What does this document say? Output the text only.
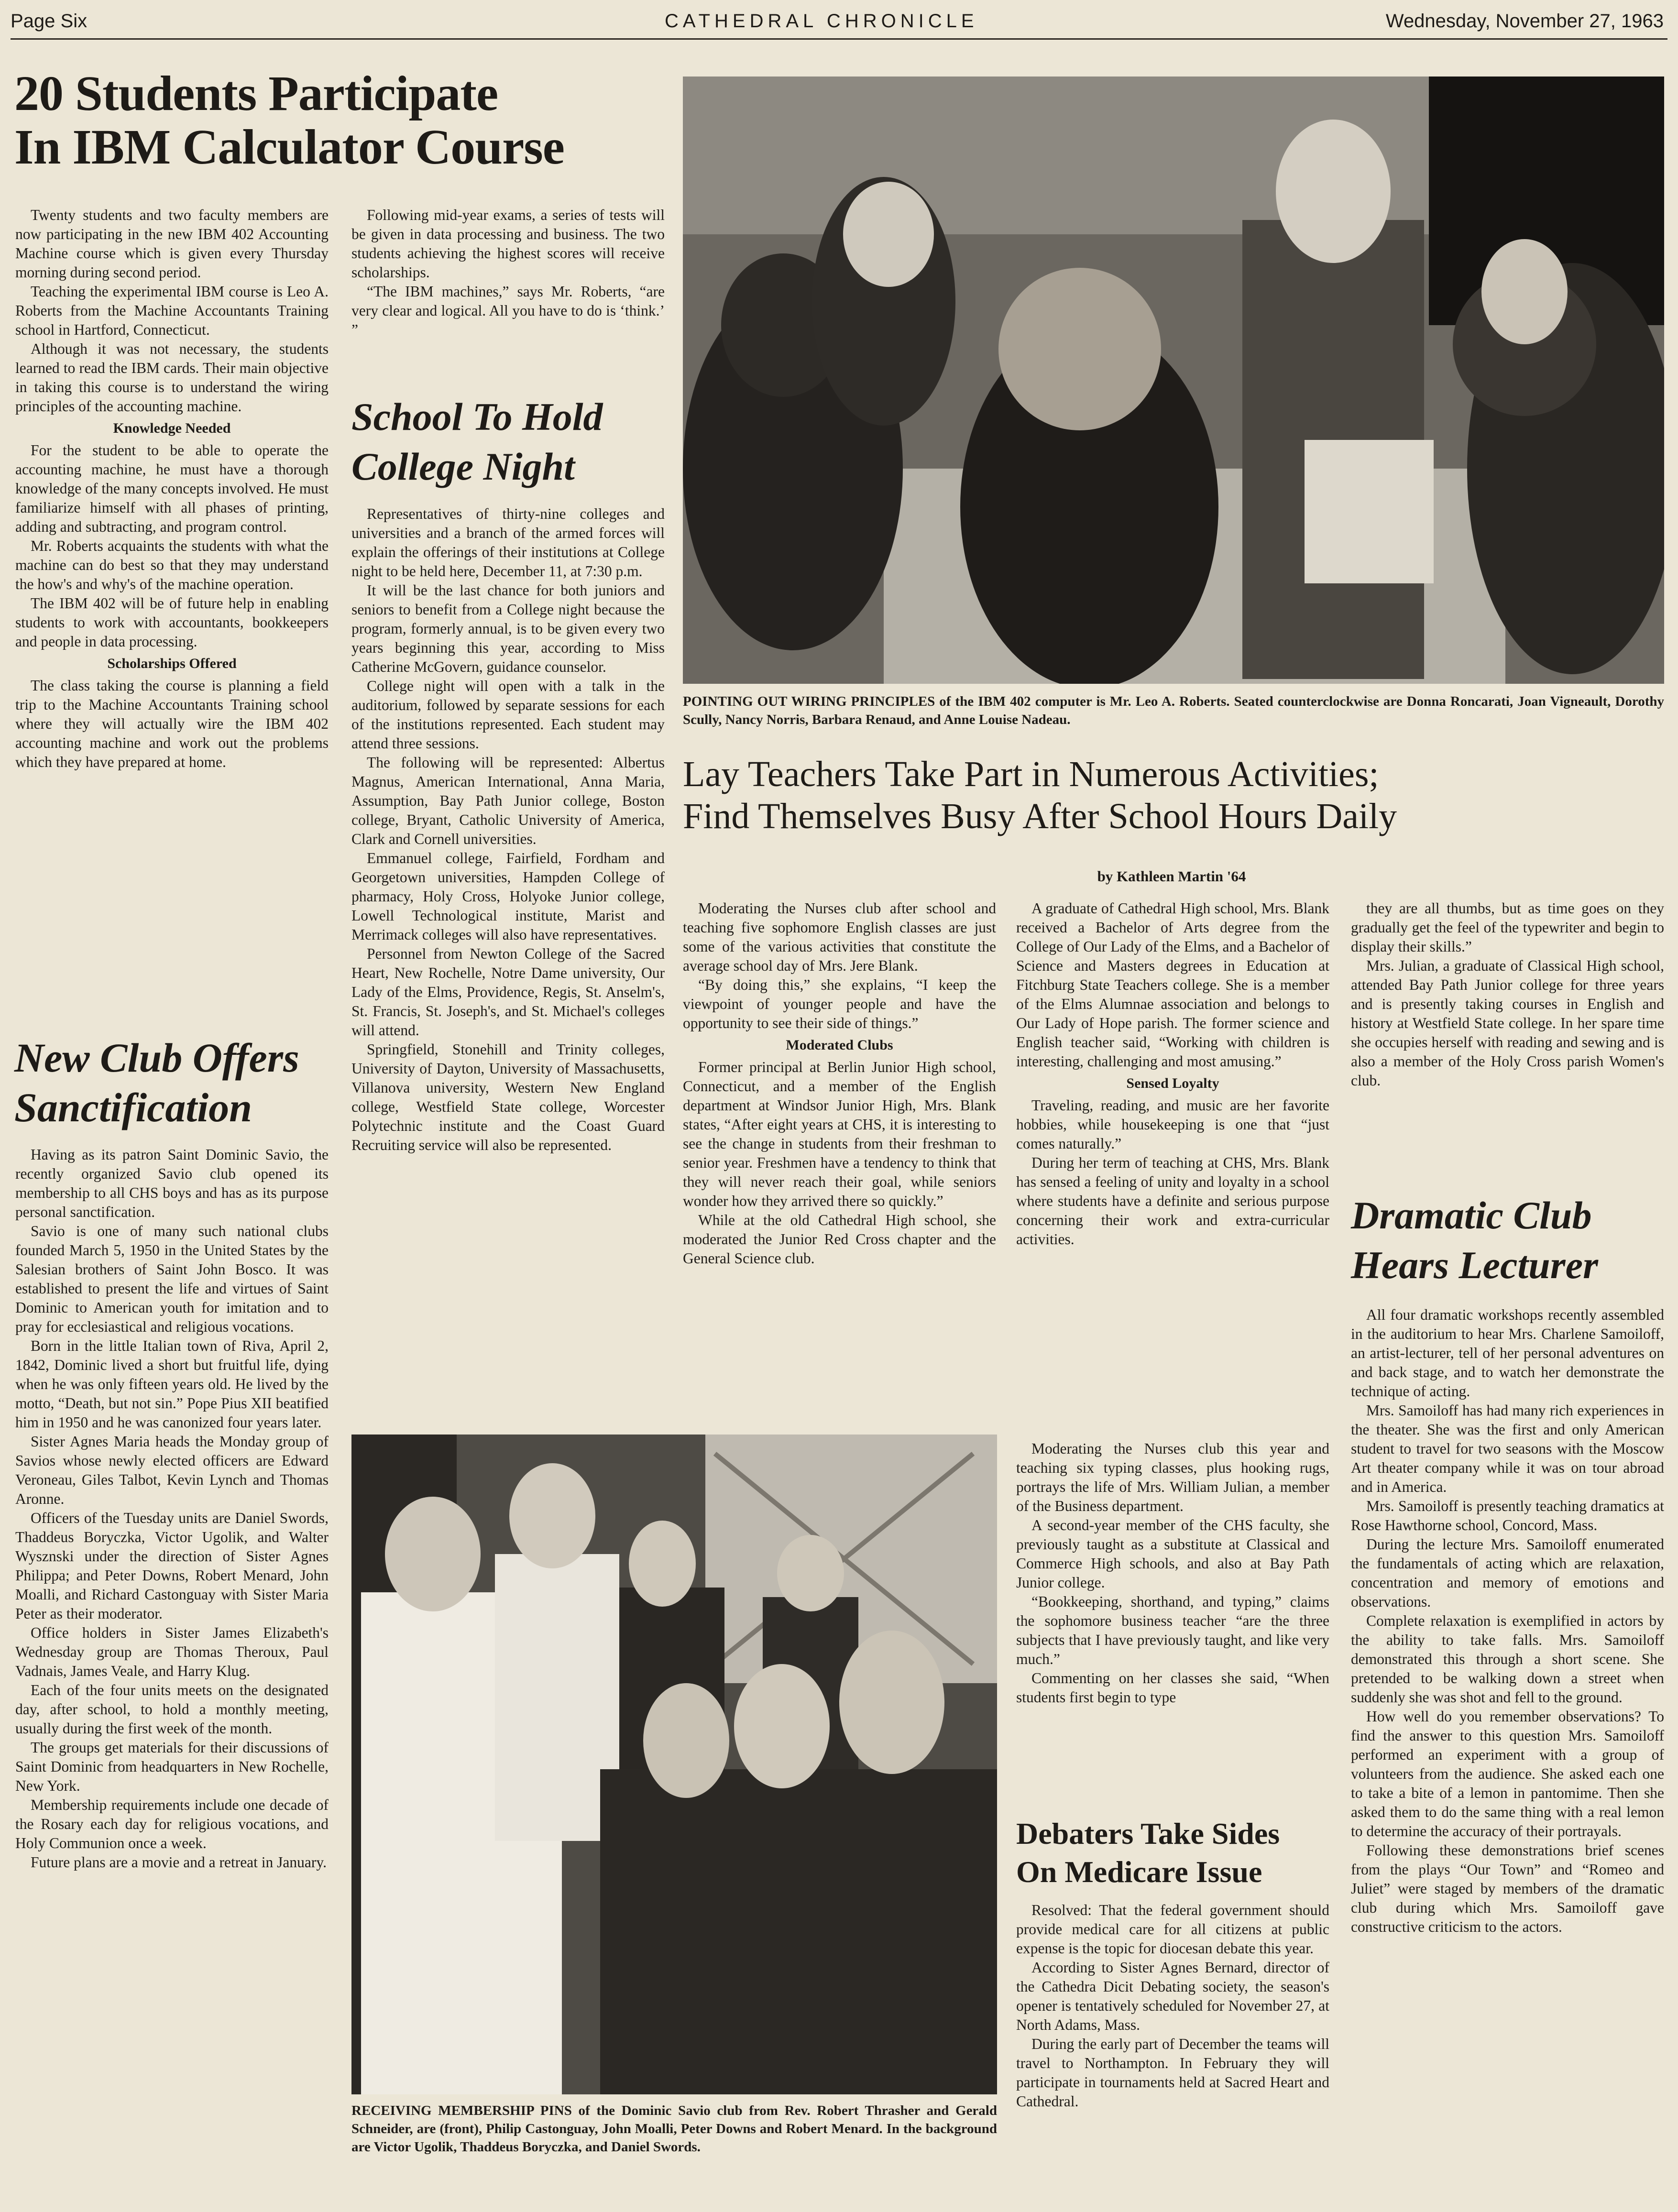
Page Six	CATHEDRAL CHRONICLE	Wednesday, November 27, 1963
20 Students Participate
In IBM Calculator Course

Twenty students and two faculty members are now participating in the new IBM 402 Accounting Machine course which is given every Thursday morning during second period.

Teaching the experimental IBM course is Leo A. Roberts from the Machine Accountants Training school in Hartford, Connecticut.

Although it was not necessary, the students learned to read the IBM cards. Their main objective in taking this course is to understand the wiring principles of the accounting machine.

Knowledge Needed

For the student to be able to operate the accounting machine, he must have a thorough knowledge of the many concepts involved. He must familiarize himself with all phases of printing, adding and subtracting, and program control.

Mr. Roberts acquaints the students with what the machine can do best so that they may understand the how's and why's of the machine operation.

The IBM 402 will be of future help in enabling students to work with accountants, bookkeepers and people in data processing.

Scholarships Offered

The class taking the course is planning a field trip to the Machine Accountants Training school where they will actually wire the IBM 402 accounting machine and work out the problems which they have prepared at home.

New Club Offers
Sanctification

Having as its patron Saint Dominic Savio, the recently organized Savio club opened its membership to all CHS boys and has as its purpose personal sanctification.

Savio is one of many such national clubs founded March 5, 1950 in the United States by the Salesian brothers of Saint John Bosco. It was established to present the life and virtues of Saint Dominic to American youth for imitation and to pray for ecclesiastical and religious vocations.

Born in the little Italian town of Riva, April 2, 1842, Dominic lived a short but fruitful life, dying when he was only fifteen years old. He lived by the motto, “Death, but not sin.” Pope Pius XII beatified him in 1950 and he was canonized four years later.

Sister Agnes Maria heads the Monday group of Savios whose newly elected officers are Edward Veroneau, Giles Talbot, Kevin Lynch and Thomas Aronne.

Officers of the Tuesday units are Daniel Swords, Thaddeus Boryczka, Victor Ugolik, and Walter Wysznski under the direction of Sister Agnes Philippa; and Peter Downs, Robert Menard, John Moalli, and Richard Castonguay with Sister Maria Peter as their moderator.

Office holders in Sister James Elizabeth's Wednesday group are Thomas Theroux, Paul Vadnais, James Veale, and Harry Klug.

Each of the four units meets on the designated day, after school, to hold a monthly meeting, usually during the first week of the month.

The groups get materials for their discussions of Saint Dominic from headquarters in New Rochelle, New York.

Membership requirements include one decade of the Rosary each day for religious vocations, and Holy Communion once a week.

Future plans are a movie and a retreat in January.

Following mid-year exams, a series of tests will be given in data processing and business. The two students achieving the highest scores will receive scholarships.

“The IBM machines,” says Mr. Roberts, “are very clear and logical. All you have to do is ‘think.’ ”

School To Hold
College Night

Representatives of thirty-nine colleges and universities and a branch of the armed forces will explain the offerings of their institutions at College night to be held here, December 11, at 7:30 p.m.

It will be the last chance for both juniors and seniors to benefit from a College night because the program, formerly annual, is to be given every two years beginning this year, according to Miss Catherine McGovern, guidance counselor.

College night will open with a talk in the auditorium, followed by separate sessions for each of the institutions represented. Each student may attend three sessions.

The following will be represented: Albertus Magnus, American International, Anna Maria, Assumption, Bay Path Junior college, Boston college, Bryant, Catholic University of America, Clark and Cornell universities.

Emmanuel college, Fairfield, Fordham and Georgetown universities, Hampden College of pharmacy, Holy Cross, Holyoke Junior college, Lowell Technological institute, Marist and Merrimack colleges will also have representatives.

Personnel from Newton College of the Sacred Heart, New Rochelle, Notre Dame university, Our Lady of the Elms, Providence, Regis, St. Anselm's, St. Francis, St. Joseph's, and St. Michael's colleges will attend.

Springfield, Stonehill and Trinity colleges, University of Dayton, University of Massachusetts, Villanova university, Western New England college, Westfield State college, Worcester Polytechnic institute and the Coast Guard Recruiting service will also be represented.

POINTING OUT WIRING PRINCIPLES of the IBM 402 computer is Mr. Leo A. Roberts. Seated counterclockwise are Donna Roncarati, Joan Vigneault, Dorothy Scully, Nancy Norris, Barbara Renaud, and Anne Louise Nadeau.
Lay Teachers Take Part in Numerous Activities;
Find Themselves Busy After School Hours Daily
by Kathleen Martin '64

Moderating the Nurses club after school and teaching five sophomore English classes are just some of the various activities that constitute the average school day of Mrs. Jere Blank.

“By doing this,” she explains, “I keep the viewpoint of younger people and have the opportunity to see their side of things.”

Moderated Clubs

Former principal at Berlin Junior High school, Connecticut, and a member of the English department at Windsor Junior High, Mrs. Blank states, “After eight years at CHS, it is interesting to see the change in students from their freshman to senior year. Freshmen have a tendency to think that they will never reach their goal, while seniors wonder how they arrived there so quickly.”

While at the old Cathedral High school, she moderated the Junior Red Cross chapter and the General Science club.

A graduate of Cathedral High school, Mrs. Blank received a Bachelor of Arts degree from the College of Our Lady of the Elms, and a Bachelor of Science and Masters degrees in Education at Fitchburg State Teachers college. She is a member of the Elms Alumnae association and belongs to Our Lady of Hope parish. The former science and English teacher said, “Working with children is interesting, challenging and most amusing.”

Sensed Loyalty

Traveling, reading, and music are her favorite hobbies, while housekeeping is one that “just comes naturally.”

During her term of teaching at CHS, Mrs. Blank has sensed a feeling of unity and loyalty in a school where students have a definite and serious purpose concerning their work and extra-curricular activities.

Moderating the Nurses club this year and teaching six typing classes, plus hooking rugs, portrays the life of Mrs. William Julian, a member of the Business department.

A second-year member of the CHS faculty, she previously taught as a substitute at Classical and Commerce High schools, and also at Bay Path Junior college.

“Bookkeeping, shorthand, and typing,” claims the sophomore business teacher “are the three subjects that I have previously taught, and like very much.”

Commenting on her classes she said, “When students first begin to type

they are all thumbs, but as time goes on they gradually get the feel of the typewriter and begin to display their skills.”

Mrs. Julian, a graduate of Classical High school, attended Bay Path Junior college for three years and is presently taking courses in English and history at Westfield State college. In her spare time she occupies herself with reading and sewing and is also a member of the Holy Cross parish Women's club.

Dramatic Club
Hears Lecturer

All four dramatic workshops recently assembled in the auditorium to hear Mrs. Charlene Samoiloff, an artist-lecturer, tell of her personal adventures on and back stage, and to watch her demonstrate the technique of acting.

Mrs. Samoiloff has had many rich experiences in the theater. She was the first and only American student to travel for two seasons with the Moscow Art theater company while it was on tour abroad and in America.

Mrs. Samoiloff is presently teaching dramatics at Rose Hawthorne school, Concord, Mass.

During the lecture Mrs. Samoiloff enumerated the fundamentals of acting which are relaxation, concentration and memory of emotions and observations.

Complete relaxation is exemplified in actors by the ability to take falls. Mrs. Samoiloff demonstrated this through a short scene. She pretended to be walking down a street when suddenly she was shot and fell to the ground.

How well do you remember observations? To find the answer to this question Mrs. Samoiloff performed an experiment with a group of volunteers from the audience. She asked each one to take a bite of a lemon in pantomime. Then she asked them to do the same thing with a real lemon to determine the accuracy of their portrayals.

Following these demonstrations brief scenes from the plays “Our Town” and “Romeo and Juliet” were staged by members of the dramatic club during which Mrs. Samoiloff gave constructive criticism to the actors.

Debaters Take Sides
On Medicare Issue

Resolved: That the federal government should provide medical care for all citizens at public expense is the topic for diocesan debate this year.

According to Sister Agnes Bernard, director of the Cathedra Dicit Debating society, the season's opener is tentatively scheduled for November 27, at North Adams, Mass.

During the early part of December the teams will travel to Northampton. In February they will participate in tournaments held at Sacred Heart and Cathedral.

RECEIVING MEMBERSHIP PINS of the Dominic Savio club from Rev. Robert Thrasher and Gerald Schneider, are (front), Philip Castonguay, John Moalli, Peter Downs and Robert Menard. In the background are Victor Ugolik, Thaddeus Boryczka, and Daniel Swords.
